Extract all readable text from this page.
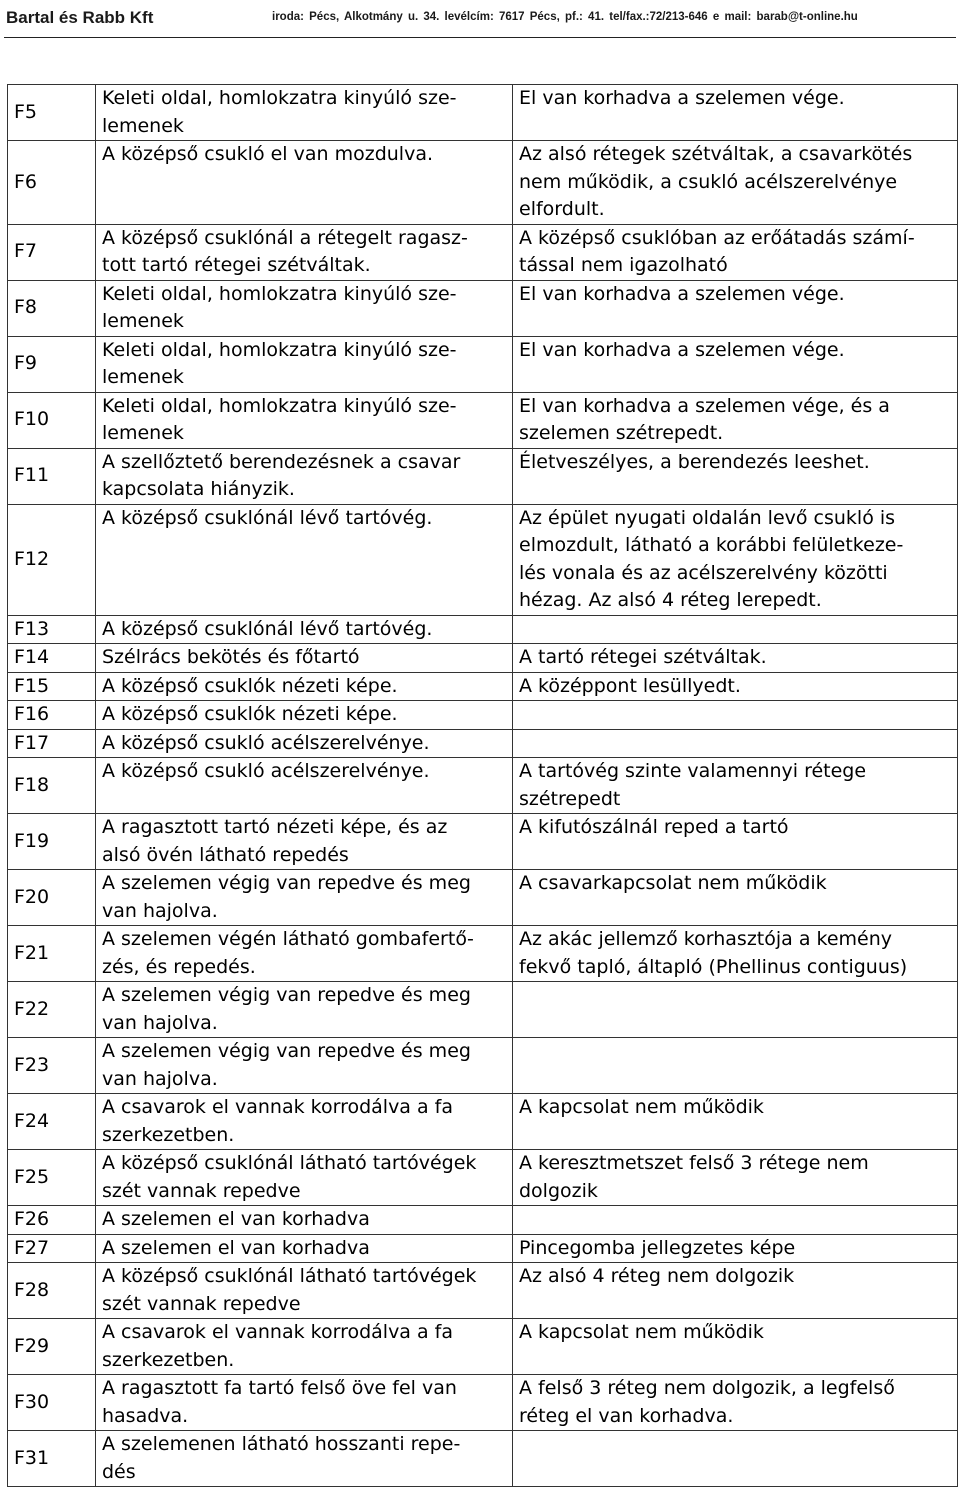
Bartal és Rabb Kft	iroda: Pécs, Alkotmány u. 34. levélcím: 7617 Pécs, pf.: 41. tel/fax.:72/213-646 e mail: barab@t-online.hu
F5	Keleti oldal, homlokzatra kinyúló sze-
lemenek	El van korhadva a szelemen vége.
F6	A középső csukló el van mozdulva.	Az alsó rétegek szétváltak, a csavarkötés
nem működik, a csukló acélszerelvénye
elfordult.
F7	A középső csuklónál a rétegelt ragasz-
tott tartó rétegei szétváltak.	A középső csuklóban az erőátadás számí-
tással nem igazolható
F8	Keleti oldal, homlokzatra kinyúló sze-
lemenek	El van korhadva a szelemen vége.
F9	Keleti oldal, homlokzatra kinyúló sze-
lemenek	El van korhadva a szelemen vége.
F10	Keleti oldal, homlokzatra kinyúló sze-
lemenek	El van korhadva a szelemen vége, és a
szelemen szétrepedt.
F11	A szellőztető berendezésnek a csavar
kapcsolata hiányzik.	Életveszélyes, a berendezés leeshet.
F12	A középső csuklónál lévő tartóvég.	Az épület nyugati oldalán levő csukló is
elmozdult, látható a korábbi felületkeze-
lés vonala és az acélszerelvény közötti
hézag. Az alsó 4 réteg lerepedt.
F13	A középső csuklónál lévő tartóvég.	
F14	Szélrács bekötés és főtartó	A tartó rétegei szétváltak.
F15	A középső csuklók nézeti képe.	A középpont lesüllyedt.
F16	A középső csuklók nézeti képe.	
F17	A középső csukló acélszerelvénye.	
F18	A középső csukló acélszerelvénye.	A tartóvég szinte valamennyi rétege
szétrepedt
F19	A ragasztott tartó nézeti képe, és az
alsó övén látható repedés	A kifutószálnál reped a tartó
F20	A szelemen végig van repedve és meg
van hajolva.	A csavarkapcsolat nem működik
F21	A szelemen végén látható gombafertő-
zés, és repedés.	Az akác jellemző korhasztója a kemény
fekvő tapló, áltapló (Phellinus contiguus)
F22	A szelemen végig van repedve és meg
van hajolva.	
F23	A szelemen végig van repedve és meg
van hajolva.	
F24	A csavarok el vannak korrodálva a fa
szerkezetben.	A kapcsolat nem működik
F25	A középső csuklónál látható tartóvégek
szét vannak repedve	A keresztmetszet felső 3 rétege nem
dolgozik
F26	A szelemen el van korhadva	
F27	A szelemen el van korhadva	Pincegomba jellegzetes képe
F28	A középső csuklónál látható tartóvégek
szét vannak repedve	Az alsó 4 réteg nem dolgozik
F29	A csavarok el vannak korrodálva a fa
szerkezetben.	A kapcsolat nem működik
F30	A ragasztott fa tartó felső öve fel van
hasadva.	A felső 3 réteg nem dolgozik, a legfelső
réteg el van korhadva.
F31	A szelemenen látható hosszanti repe-
dés	
